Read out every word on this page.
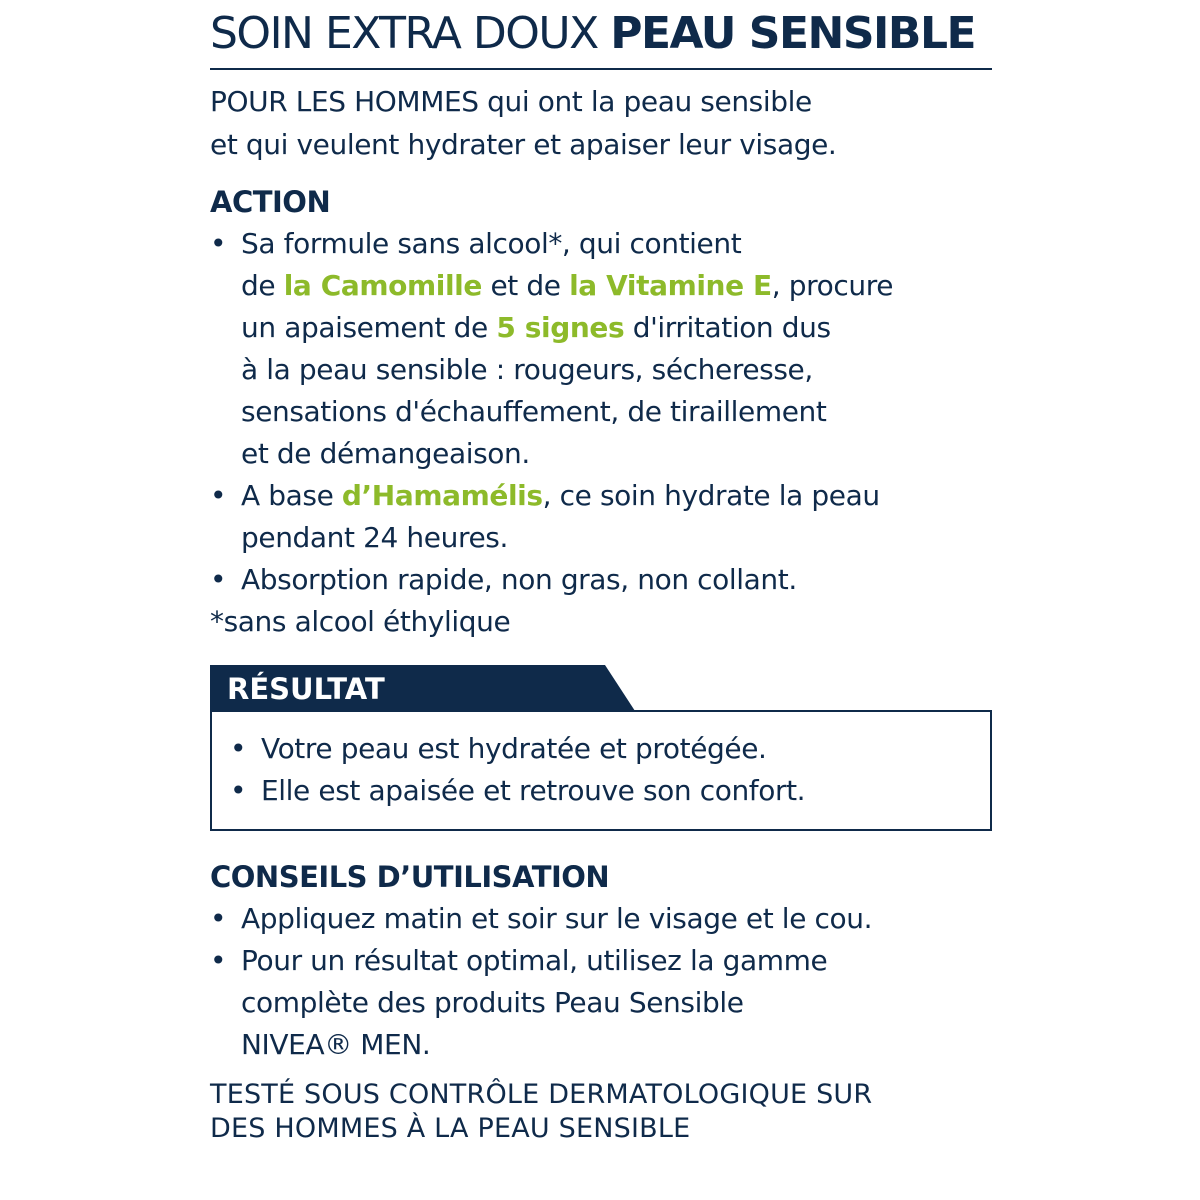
SOIN EXTRA DOUX PEAU SENSIBLE
POUR LES HOMMES qui ont la peau sensible
et qui veulent hydrater et apaiser leur visage.
ACTION
• Sa formule sans alcool*, qui contient
de la Camomille et de la Vitamine E, procure
un apaisement de 5 signes d'irritation dus
à la peau sensible : rougeurs, sécheresse,
sensations d'échauffement, de tiraillement
et de démangeaison.
• A base d’Hamamélis, ce soin hydrate la peau
pendant 24 heures.
• Absorption rapide, non gras, non collant.
*sans alcool éthylique
RÉSULTAT
• Votre peau est hydratée et protégée.
• Elle est apaisée et retrouve son confort.
CONSEILS D’UTILISATION
• Appliquez matin et soir sur le visage et le cou.
• Pour un résultat optimal, utilisez la gamme
complète des produits Peau Sensible
NIVEA® MEN.
TESTÉ SOUS CONTRÔLE DERMATOLOGIQUE SUR
DES HOMMES À LA PEAU SENSIBLE
